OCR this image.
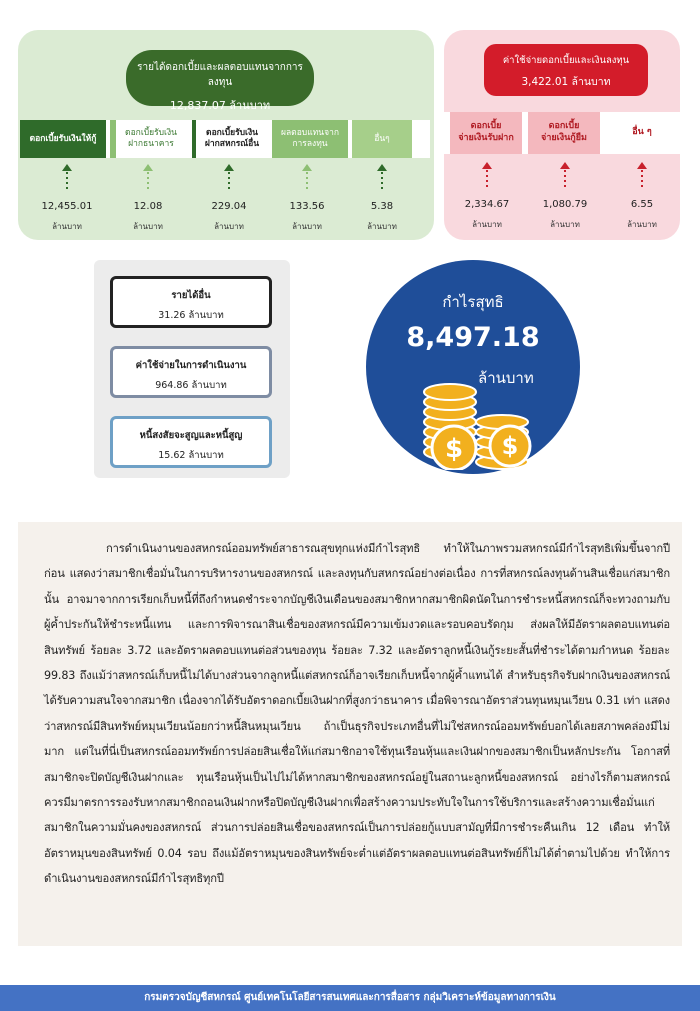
รายได้ดอกเบี้ยและผลตอบแทนจากการลงทุน
12,837.07 ล้านบาท
ดอกเบี้ยรับเงินให้กู้
ดอกเบี้ยรับเงิน
ฝากธนาคาร
ดอกเบี้ยรับเงิน
ฝากสหกรณ์อื่น
ผลตอบแทนจาก
การลงทุน
อื่นๆ
12,455.01
ล้านบาท
12.08
ล้านบาท
229.04
ล้านบาท
133.56
ล้านบาท
5.38
ล้านบาท
ค่าใช้จ่ายดอกเบี้ยและเงินลงทุน
3,422.01 ล้านบาท
ดอกเบี้ย
จ่ายเงินรับฝาก
ดอกเบี้ย
จ่ายเงินกู้ยืม
อื่น ๆ
2,334.67
ล้านบาท
1,080.79
ล้านบาท
6.55
ล้านบาท
รายได้อื่น
31.26 ล้านบาท
ค่าใช้จ่ายในการดำเนินงาน
964.86 ล้านบาท
หนี้สงสัยจะสูญและหนี้สูญ
15.62 ล้านบาท
กำไรสุทธิ
8,497.18
ล้านบาท
$ $

การดำเนินงานของสหกรณ์ออมทรัพย์สาธารณสุขทุกแห่งมีกำไรสุทธิ ทำให้ในภาพรวมสหกรณ์มีกำไรสุทธิเพิ่มขึ้นจากปีก่อน แสดงว่าสมาชิกเชื่อมั่นในการบริหารงานของสหกรณ์ และลงทุนกับสหกรณ์อย่างต่อเนื่อง การที่สหกรณ์ลงทุนด้านสินเชื่อแก่สมาชิกนั้น อาจมาจากการเรียกเก็บหนี้ที่ถึงกำหนดชำระจากบัญชีเงินเดือนของสมาชิกหากสมาชิกผิดนัดในการชำระหนี้สหกรณ์ก็จะทวงถามกับผู้ค้ำประกันให้ชำระหนี้แทน และการพิจารณาสินเชื่อของสหกรณ์มีความเข้มงวดและรอบคอบรัดกุม ส่งผลให้มีอัตราผลตอบแทนต่อสินทรัพย์ ร้อยละ 3.72 และอัตราผลตอบแทนต่อส่วนของทุน ร้อยละ 7.32 และอัตราลูกหนี้เงินกู้ระยะสั้นที่ชำระได้ตามกำหนด ร้อยละ 99.83 ถึงแม้ว่าสหกรณ์เก็บหนี้ไม่ได้บางส่วนจากลูกหนี้แต่สหกรณ์ก็อาจเรียกเก็บหนี้จากผู้ค้ำแทนได้ สำหรับธุรกิจรับฝากเงินของสหกรณ์ได้รับความสนใจจากสมาชิก เนื่องจากได้รับอัตราดอกเบี้ยเงินฝากที่สูงกว่าธนาคาร เมื่อพิจารณาอัตราส่วนทุนหมุนเวียน 0.31 เท่า แสดงว่าสหกรณ์มีสินทรัพย์หมุนเวียนน้อยกว่าหนี้สินหมุนเวียน ถ้าเป็นธุรกิจประเภทอื่นที่ไม่ใช่สหกรณ์ออมทรัพย์บอกได้เลยสภาพคล่องมีไม่มาก แต่ในที่นี่เป็นสหกรณ์ออมทรัพย์การปล่อยสินเชื่อให้แก่สมาชิกอาจใช้ทุนเรือนหุ้นและเงินฝากของสมาชิกเป็นหลักประกัน โอกาสที่สมาชิกจะปิดบัญชีเงินฝากและ ทุนเรือนหุ้นเป็นไปไม่ได้หากสมาชิกของสหกรณ์อยู่ในสถานะลูกหนี้ของสหกรณ์ อย่างไรก็ตามสหกรณ์ควรมีมาตรการรองรับหากสมาชิกถอนเงินฝากหรือปิดบัญชีเงินฝากเพื่อสร้างความประทับใจในการใช้บริการและสร้างความเชื่อมั่นแก่สมาชิกในความมั่นคงของสหกรณ์ ส่วนการปล่อยสินเชื่อของสหกรณ์เป็นการปล่อยกู้แบบสามัญที่มีการชำระคืนเกิน 12 เดือน ทำให้อัตราหมุนของสินทรัพย์ 0.04 รอบ ถึงแม้อัตราหมุนของสินทรัพย์จะต่ำแต่อัตราผลตอบแทนต่อสินทรัพย์ก็ไม่ได้ต่ำตามไปด้วย ทำให้การดำเนินงานของสหกรณ์มีกำไรสุทธิทุกปี

กรมตรวจบัญชีสหกรณ์ ศูนย์เทคโนโลยีสารสนเทศและการสื่อสาร กลุ่มวิเคราะห์ข้อมูลทางการเงิน
